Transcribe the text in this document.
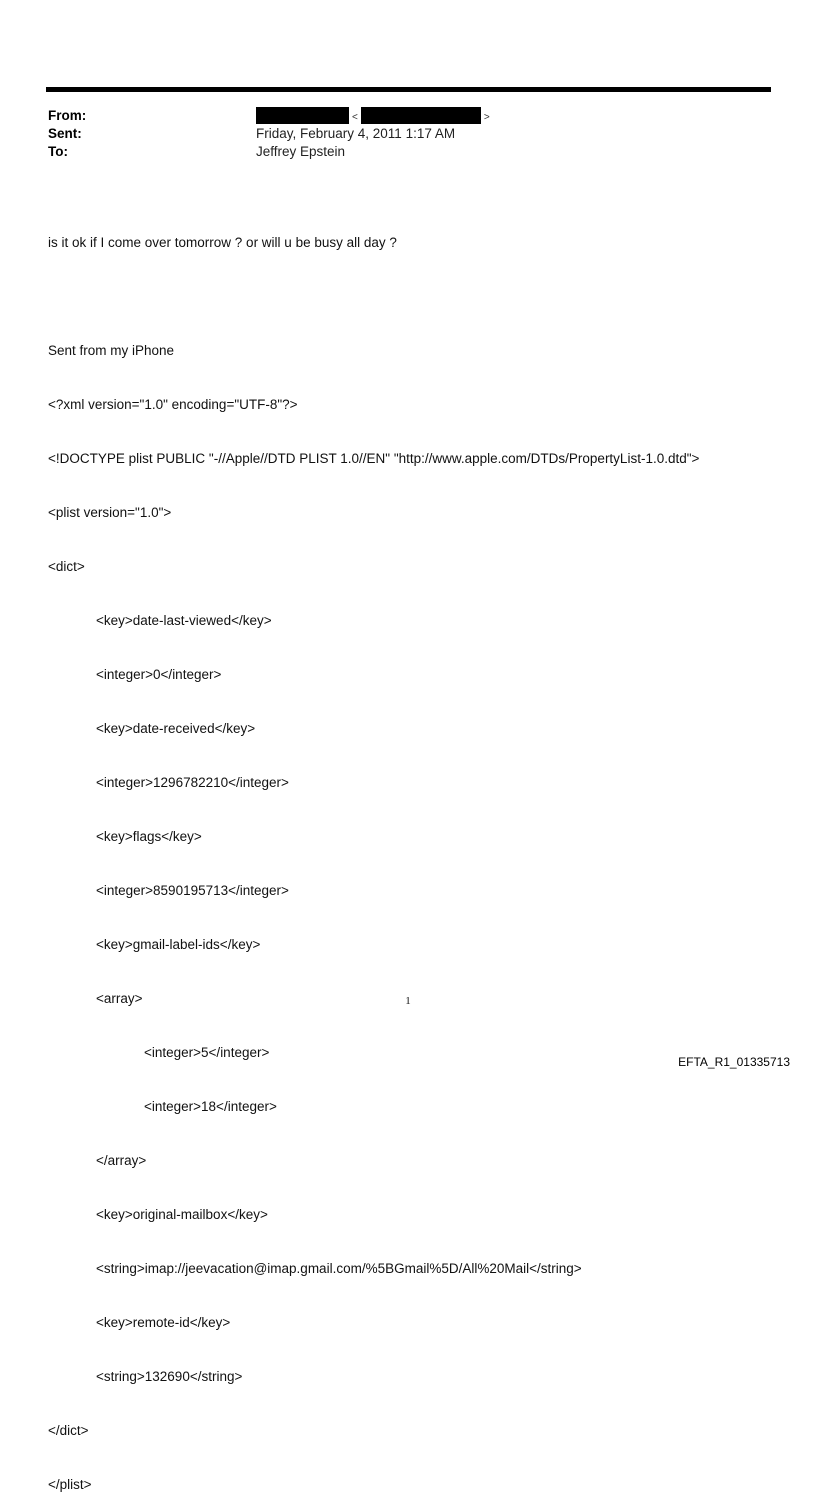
From:	<	>
Sent:	Friday, February 4, 2011 1:17 AM
To:	Jeffrey Epstein

is it ok if I come over tomorrow ? or will u be busy all day ?

Sent from my iPhone

<?xml version="1.0" encoding="UTF-8"?>

<!DOCTYPE plist PUBLIC "-//Apple//DTD PLIST 1.0//EN" "http://www.apple.com/DTDs/PropertyList-1.0.dtd">

<plist version="1.0">

<dict>

<key>date-last-viewed</key>

<integer>0</integer>

<key>date-received</key>

<integer>1296782210</integer>

<key>flags</key>

<integer>8590195713</integer>

<key>gmail-label-ids</key>

<array>

<integer>5</integer>

<integer>18</integer>

</array>

<key>original-mailbox</key>

<string>imap://jeevacation@imap.gmail.com/%5BGmail%5D/All%20Mail</string>

<key>remote-id</key>

<string>132690</string>

</dict>

</plist>

1
EFTA_R1_01335713
